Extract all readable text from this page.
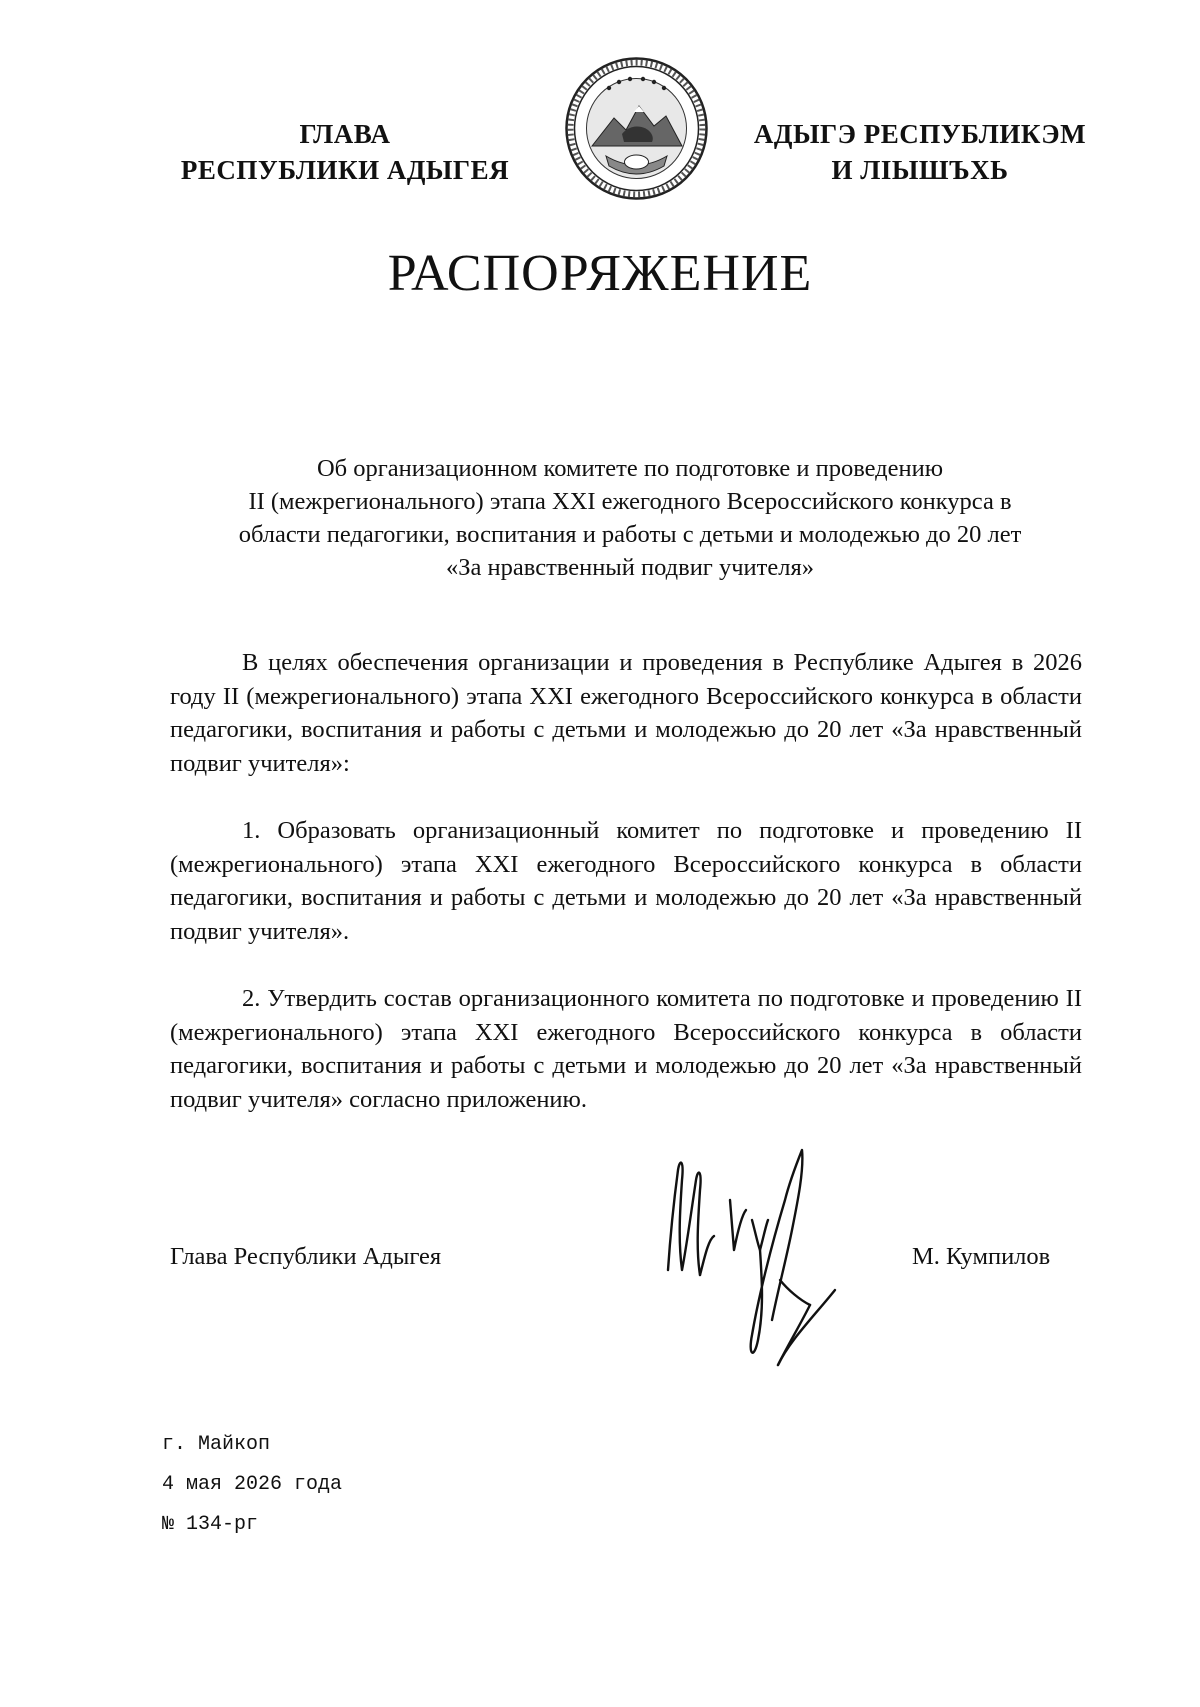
ГЛАВА
РЕСПУБЛИКИ АДЫГЕЯ
АДЫГЭ РЕСПУБЛИКЭМ
И ЛІЫШЪХЬ
РАСПОРЯЖЕНИЕ
Об организационном комитете по подготовке и проведению
II (межрегионального) этапа XXI ежегодного Всероссийского конкурса в
области педагогики, воспитания и работы с детьми и молодежью до 20 лет
«За нравственный подвиг учителя»

В целях обеспечения организации и проведения в Республике Адыгея в 2026 году II (межрегионального) этапа XXI ежегодного Всероссийского конкурса в области педагогики, воспитания и работы с детьми и молодежью до 20 лет «За нравственный подвиг учителя»:

1. Образовать организационный комитет по подготовке и проведению II (межрегионального) этапа XXI ежегодного Всероссийского конкурса в области педагогики, воспитания и работы с детьми и молодежью до 20 лет «За нравственный подвиг учителя».

2. Утвердить состав организационного комитета по подготовке и проведению II (межрегионального) этапа XXI ежегодного Всероссийского конкурса в области педагогики, воспитания и работы с детьми и молодежью до 20 лет «За нравственный подвиг учителя» согласно приложению.

Глава Республики Адыгея	М. Кумпилов
г. Майкоп
4 мая 2026 года
№ 134-рг
